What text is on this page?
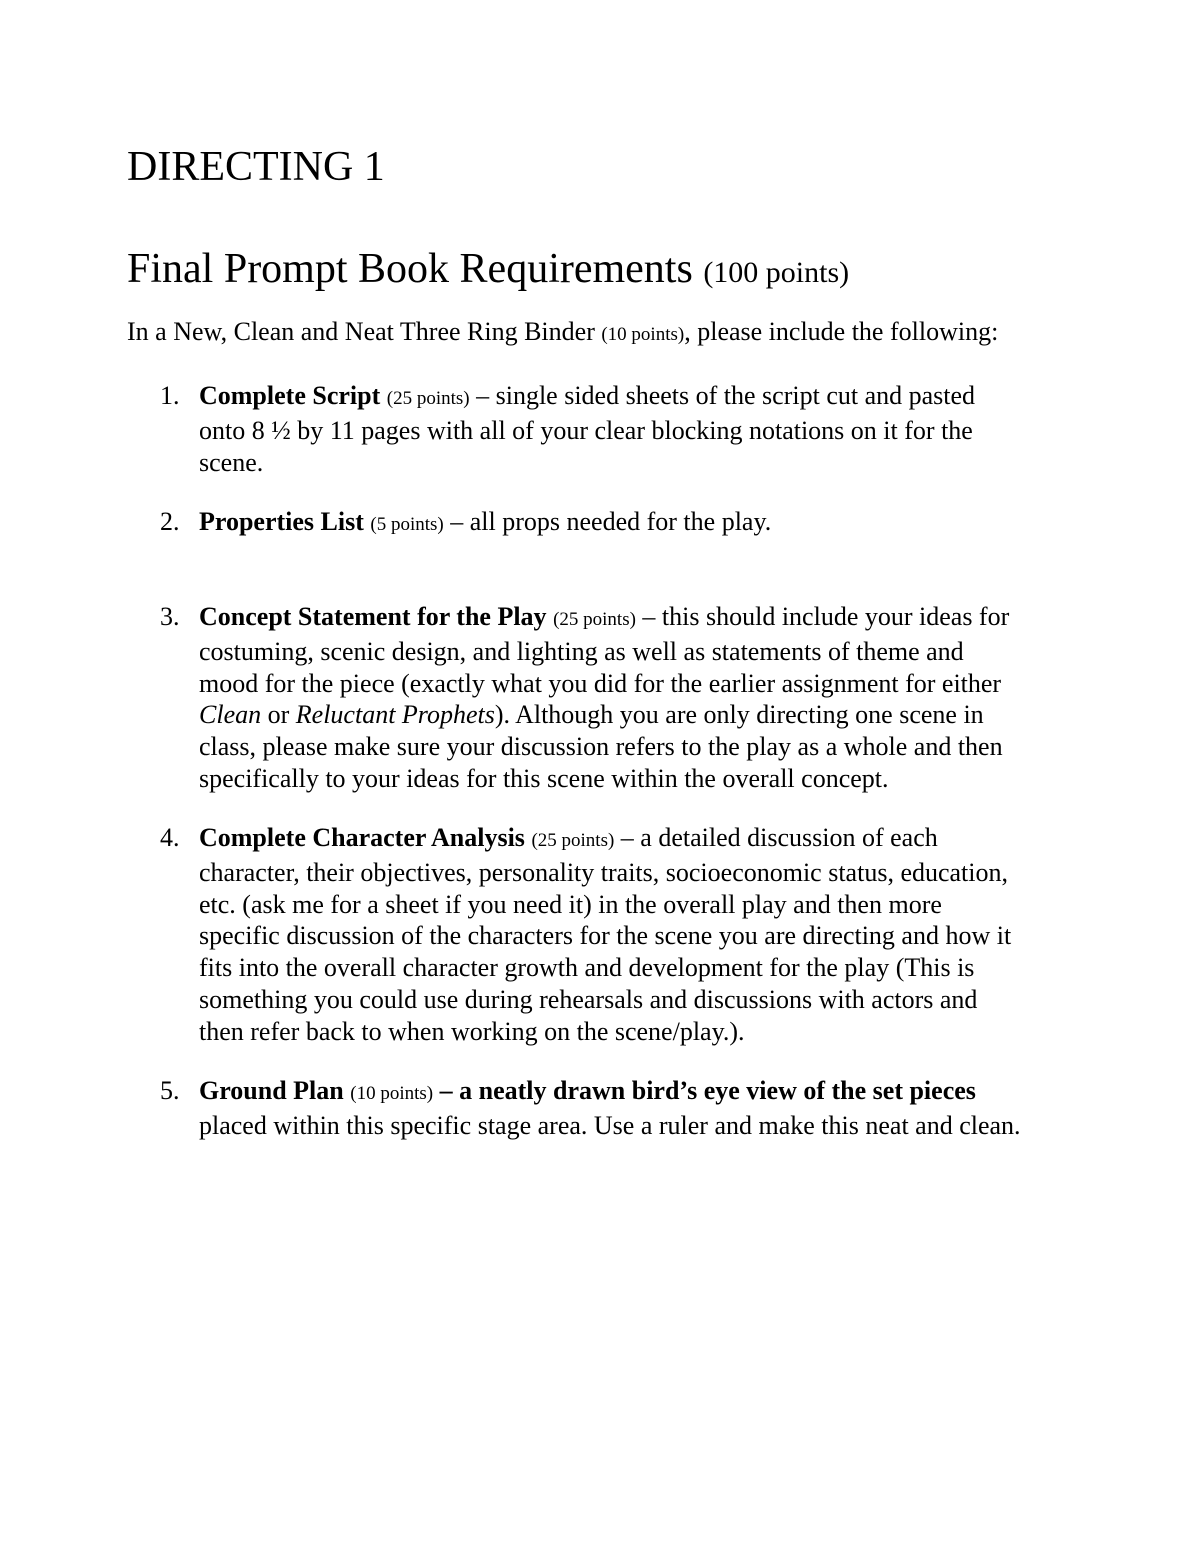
DIRECTING 1
Final Prompt Book Requirements (100 points)

In a New, Clean and Neat Three Ring Binder (10 points), please include the following:

1. Complete Script (25 points) – single sided sheets of the script cut and pasted
onto 8 ½ by 11 pages with all of your clear blocking notations on it for the
scene.
2. Properties List (5 points) – all props needed for the play.
3. Concept Statement for the Play (25 points) – this should include your ideas for
costuming, scenic design, and lighting as well as statements of theme and
mood for the piece (exactly what you did for the earlier assignment for either
Clean or Reluctant Prophets). Although you are only directing one scene in
class, please make sure your discussion refers to the play as a whole and then
specifically to your ideas for this scene within the overall concept.
4. Complete Character Analysis (25 points) – a detailed discussion of each
character, their objectives, personality traits, socioeconomic status, education,
etc. (ask me for a sheet if you need it) in the overall play and then more
specific discussion of the characters for the scene you are directing and how it
fits into the overall character growth and development for the play (This is
something you could use during rehearsals and discussions with actors and
then refer back to when working on the scene/play.).
5. Ground Plan (10 points) – a neatly drawn bird’s eye view of the set pieces
placed within this specific stage area. Use a ruler and make this neat and clean.
